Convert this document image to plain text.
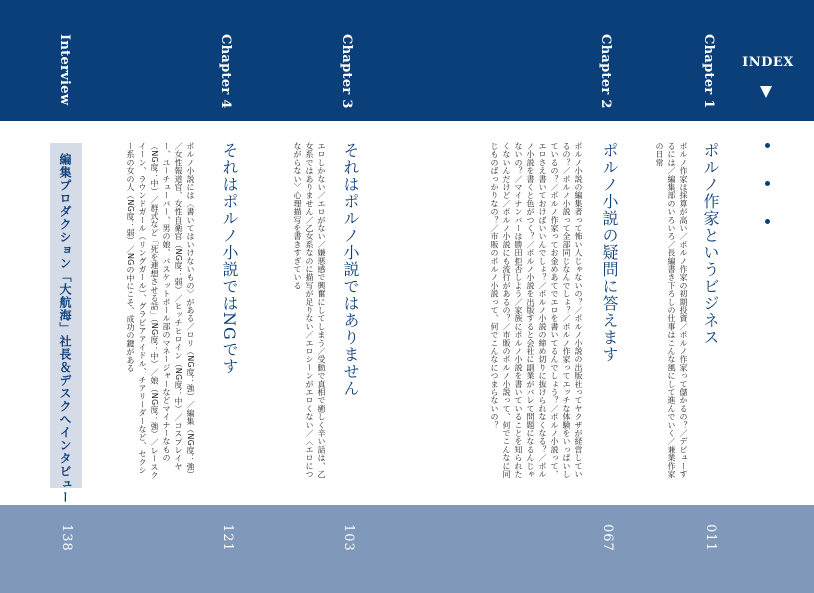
INDEX
Chapter 1
011
ポルノ作家というビジネス
ポルノ作家は採算が高い／ポルノ作家の初期投資／ポルノ作家って儲かるの？／デビューするには／編集部のいろいろ／長編書き下ろしの仕事はこんな風にして進んでいく／兼業作家の日常
Chapter 2
067
ポルノ小説の疑問に答えます
ポルノ小説の編集者って怖い人じゃないの？／ポルノ小説の出版社ってヤクザが経営しているの？／ポルノ小説って全部同じなんでしょ？／ポルノ作家ってエッチな体験をいっぱいしているの？／ポルノ作家ってお金めあてでエロを書いてるんでしょう？／ポルノ小説って、エロさえ書いておけばいいんでしょ？／ポルノ小説の締め切りに抜けられなくなる？／ポルノ小説を書くと色がつく？／ポルノ小説を出版すると会社に副業がバレて問題になるんじゃないの？／マイナンバーは勝田拒否しよう／家族にポルノ小説を書いていることを知られたくないんだけど／ポルノ小説にも流行があるの？／市販のポルノ小説って、何でこんなに同じものばっかりなの？／市販のポルノ小説って、何でこんなにつまらないの？
Chapter 3
103
それはポルノ小説ではありません
エロしかない／エロがない／嫌悪感で興奮にしてしまう／受動で真相で癒しく辛い話は、乙女系ではありません／乙女系なのに描写が足りない／エロシーンがエロくない／〈エロにつながらない〉心理描写を書きすぎている
Chapter 4
121
それはポルノ小説ではNGです
ポルノ小説には〈書いてはいけないもの〉がある／ロリ（NG度：強）／編集（NG度：強）／女性報道官、女性自衛官（NG度：弱）／ヒッチヒロイン（NG度：中）／コスプレイヤー、ユーチューバー、男の娘、バスケットボール部のマネージャーなどマイナーなもの（NG度：中）／群式など「死を連想させる話」（NG度：中）／娘（NG度：強）／レースクイーン、ラウンドガール（リングガール）、グラビアアイドル、チアリーダーなど、セクシー系の女の人（NG度：弱）／NGの中にこそ、成功の鍵がある
Interview
138
編集プロダクション「大航海」社長＆デスクへインタビュー
